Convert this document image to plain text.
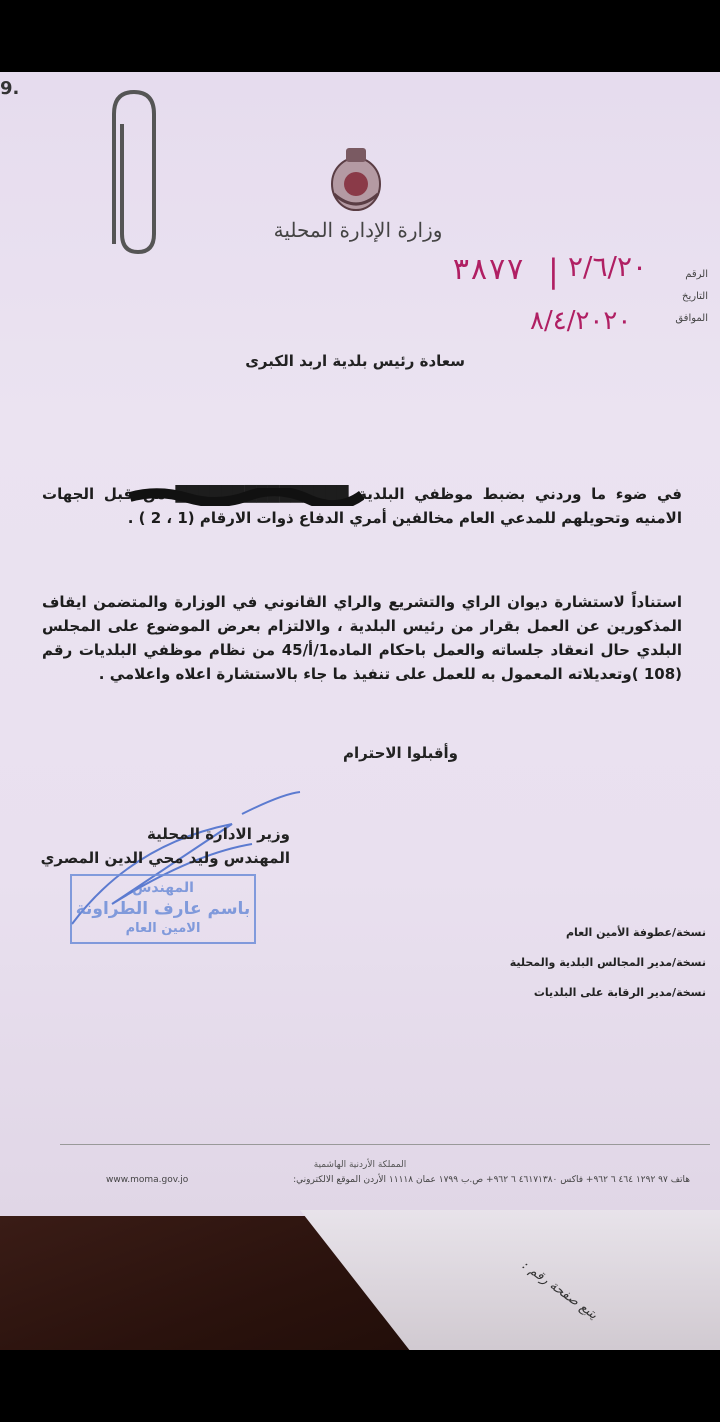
9.
وزارة الإدارة المحلية
الرقم
التاريخ
الموافق
٣٨٧٧ | ٢/٦/٢٠
٨/٤/٢٠٢٠
سعادة رئيس بلدية اربد الكبرى
في ضوء ما وردني بضبط موظفي البلدية ███████████████ من قبل الجهات الامنيه وتحويلهم للمدعي العام مخالفين أمري الدفاع ذوات الارقام (1 ، 2 ) .
استناداً لاستشارة ديوان الراي والتشريع والراي القانوني في الوزارة والمتضمن ايقاف المذكورين عن العمل بقرار من رئيس البلدية ، والالتزام بعرض الموضوع على المجلس البلدي حال انعقاد جلساته والعمل باحكام الماده1/أ/45 من نظام موظفي البلديات رقم (108 )وتعديلاته المعمول به للعمل على تنفيذ ما جاء بالاستشارة اعلاه واعلامي .
وأقبلوا الاحترام
وزير الادارة المحلية
المهندس وليد محي الدين المصري
المهندس
باسم عارف الطراونة
الامين العام	نسخة/عطوفة الأمين العام
نسخة/مدير المجالس البلدية والمحلية
نسخة/مدير الرقابة على البلديات
المملكة الأردنية الهاشمية
هاتف ٩٧ ١٢٩٢ ٤٦٤ ٦ ٩٦٢+ فاكس ٤٦١٧١٣٨٠ ٦ ٩٦٢+ ص.ب ١٧٩٩ عمان ١١١١٨ الأردن الموقع الالكتروني:
www.moma.gov.jo
يتبع صفحة رقم :
